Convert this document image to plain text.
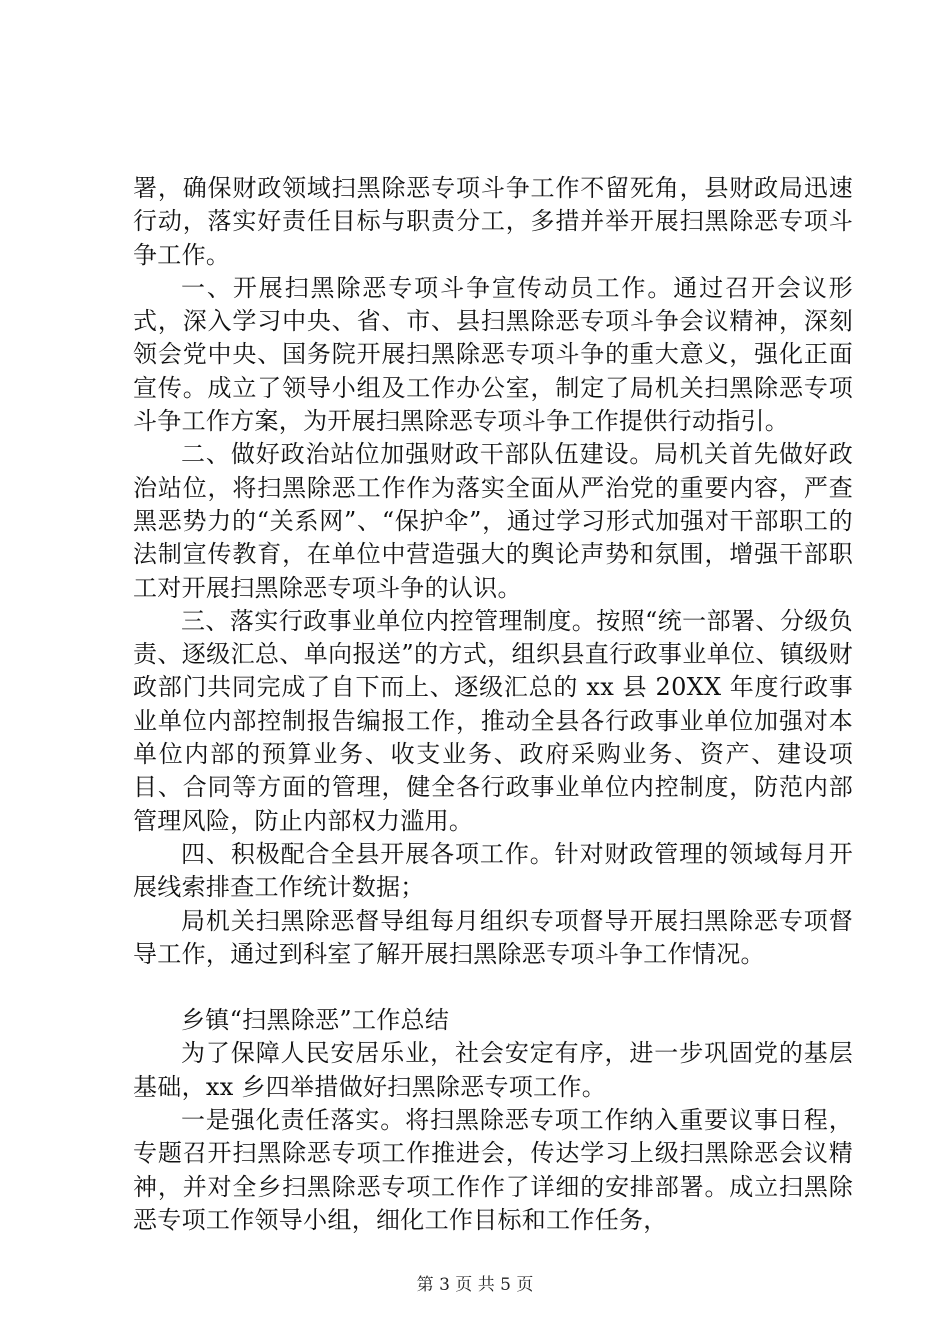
署，确保财政领域扫黑除恶专项斗争工作不留死角，县财政局迅速行动，落实好责任目标与职责分工，多措并举开展扫黑除恶专项斗争工作。

一、开展扫黑除恶专项斗争宣传动员工作。通过召开会议形式，深入学习中央、省、市、县扫黑除恶专项斗争会议精神，深刻领会党中央、国务院开展扫黑除恶专项斗争的重大意义，强化正面宣传。成立了领导小组及工作办公室，制定了局机关扫黑除恶专项斗争工作方案，为开展扫黑除恶专项斗争工作提供行动指引。

二、做好政治站位加强财政干部队伍建设。局机关首先做好政治站位，将扫黑除恶工作作为落实全面从严治党的重要内容，严查黑恶势力的“关系网”、“保护伞”，通过学习形式加强对干部职工的法制宣传教育，在单位中营造强大的舆论声势和氛围，增强干部职工对开展扫黑除恶专项斗争的认识。

三、落实行政事业单位内控管理制度。按照“统一部署、分级负责、逐级汇总、单向报送”的方式，组织县直行政事业单位、镇级财政部门共同完成了自下而上、逐级汇总的 xx 县 20XX 年度行政事业单位内部控制报告编报工作，推动全县各行政事业单位加强对本单位内部的预算业务、收支业务、政府采购业务、资产、建设项目、合同等方面的管理，健全各行政事业单位内控制度，防范内部管理风险，防止内部权力滥用。

四、积极配合全县开展各项工作。针对财政管理的领域每月开展线索排查工作统计数据；

局机关扫黑除恶督导组每月组织专项督导开展扫黑除恶专项督导工作，通过到科室了解开展扫黑除恶专项斗争工作情况。

乡镇“扫黑除恶”工作总结

为了保障人民安居乐业，社会安定有序，进一步巩固党的基层基础，xx 乡四举措做好扫黑除恶专项工作。

一是强化责任落实。将扫黑除恶专项工作纳入重要议事日程，专题召开扫黑除恶专项工作推进会，传达学习上级扫黑除恶会议精神，并对全乡扫黑除恶专项工作作了详细的安排部署。成立扫黑除恶专项工作领导小组，细化工作目标和工作任务，

第 3 页 共 5 页
